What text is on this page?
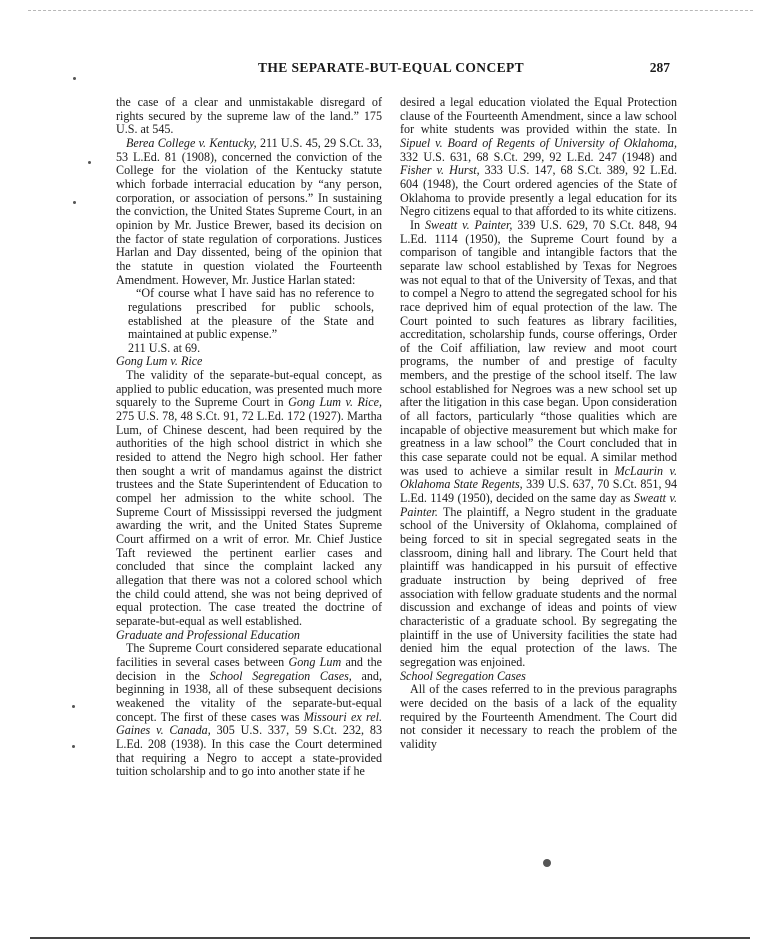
THE SEPARATE-BUT-EQUAL CONCEPT	287

the case of a clear and unmistakable disregard of rights secured by the supreme law of the land.” 175 U.S. at 545.

Berea College v. Kentucky, 211 U.S. 45, 29 S.Ct. 33, 53 L.Ed. 81 (1908), concerned the conviction of the College for the violation of the Kentucky statute which forbade interracial education by “any person, corporation, or association of persons.” In sustaining the conviction, the United States Supreme Court, in an opinion by Mr. Justice Brewer, based its decision on the factor of state regulation of corporations. Justices Harlan and Day dissented, being of the opinion that the statute in question violated the Fourteenth Amendment. However, Mr. Justice Harlan stated:

“Of course what I have said has no reference to regulations prescribed for public schools, established at the pleasure of the State and maintained at public expense.”

211 U.S. at 69.

Gong Lum v. Rice

The validity of the separate-but-equal concept, as applied to public education, was presented much more squarely to the Supreme Court in Gong Lum v. Rice, 275 U.S. 78, 48 S.Ct. 91, 72 L.Ed. 172 (1927). Martha Lum, of Chinese descent, had been required by the authorities of the high school district in which she resided to attend the Negro high school. Her father then sought a writ of mandamus against the district trustees and the State Superintendent of Education to compel her admission to the white school. The Supreme Court of Mississippi reversed the judgment awarding the writ, and the United States Supreme Court affirmed on a writ of error. Mr. Chief Justice Taft reviewed the pertinent earlier cases and concluded that since the complaint lacked any allegation that there was not a colored school which the child could attend, she was not being deprived of equal protection. The case treated the doctrine of separate-but-equal as well established.

Graduate and Professional Education

The Supreme Court considered separate educational facilities in several cases between Gong Lum and the decision in the School Segregation Cases, and, beginning in 1938, all of these subsequent decisions weakened the vitality of the separate-but-equal concept. The first of these cases was Missouri ex rel. Gaines v. Canada, 305 U.S. 337, 59 S.Ct. 232, 83 L.Ed. 208 (1938). In this case the Court determined that requiring a Negro to accept a state-provided tuition scholarship and to go into another state if he

desired a legal education violated the Equal Protection clause of the Fourteenth Amendment, since a law school for white students was provided within the state. In Sipuel v. Board of Regents of University of Oklahoma, 332 U.S. 631, 68 S.Ct. 299, 92 L.Ed. 247 (1948) and Fisher v. Hurst, 333 U.S. 147, 68 S.Ct. 389, 92 L.Ed. 604 (1948), the Court ordered agencies of the State of Oklahoma to provide presently a legal education for its Negro citizens equal to that afforded to its white citizens.

In Sweatt v. Painter, 339 U.S. 629, 70 S.Ct. 848, 94 L.Ed. 1114 (1950), the Supreme Court found by a comparison of tangible and intangible factors that the separate law school established by Texas for Negroes was not equal to that of the University of Texas, and that to compel a Negro to attend the segregated school for his race deprived him of equal protection of the law. The Court pointed to such features as library facilities, accreditation, scholarship funds, course offerings, Order of the Coif affiliation, law review and moot court programs, the number of and prestige of faculty members, and the prestige of the school itself. The law school established for Negroes was a new school set up after the litigation in this case began. Upon consideration of all factors, particularly “those qualities which are incapable of objective measurement but which make for greatness in a law school” the Court concluded that in this case separate could not be equal. A similar method was used to achieve a similar result in McLaurin v. Oklahoma State Regents, 339 U.S. 637, 70 S.Ct. 851, 94 L.Ed. 1149 (1950), decided on the same day as Sweatt v. Painter. The plaintiff, a Negro student in the graduate school of the University of Oklahoma, complained of being forced to sit in special segregated seats in the classroom, dining hall and library. The Court held that plaintiff was handicapped in his pursuit of effective graduate instruction by being deprived of free association with fellow graduate students and the normal discussion and exchange of ideas and points of view characteristic of a graduate school. By segregating the plaintiff in the use of University facilities the state had denied him the equal protection of the laws. The segregation was enjoined.

School Segregation Cases

All of the cases referred to in the previous paragraphs were decided on the basis of a lack of the equality required by the Fourteenth Amendment. The Court did not consider it necessary to reach the problem of the validity
